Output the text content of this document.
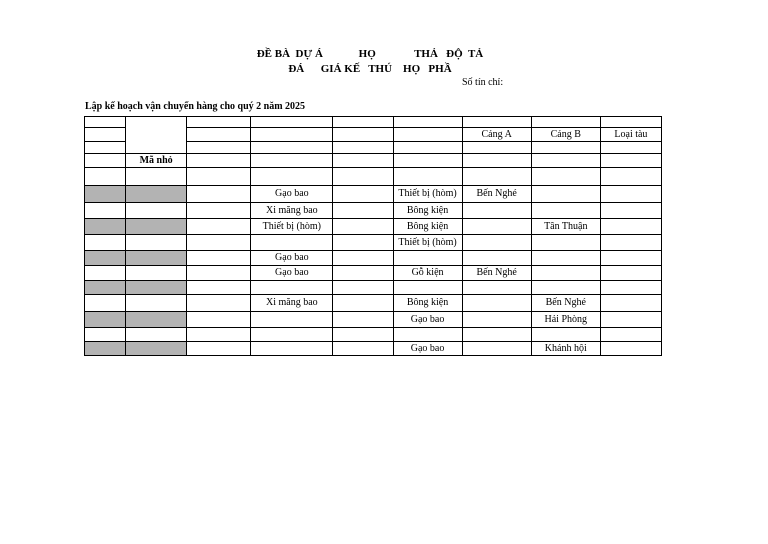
ĐỀ BÀ  DỰ Á             HỌ              THẢ   ĐỘ  TẢ
ĐÁ      GIÁ KẾ   THÚ    HỌ   PHẦ
Số tín chỉ:
Lập kế hoạch vận chuyển hàng cho quý 2 năm 2025

						Cảng A	Cảng B	Loại tàu

	Mã nhỏ							

			Gạo bao		Thiết bị (hòm)	Bến Nghé		
			Xi măng bao		Bông kiện			
			Thiết bị (hòm)		Bông kiện		Tân Thuận	
					Thiết bị (hòm)			
			Gạo bao					
			Gạo bao		Gỗ kiện	Bến Nghé		

			Xi măng bao		Bông kiện		Bến Nghé	
					Gạo bao		Hải Phòng	

					Gạo bao		Khánh hội	
